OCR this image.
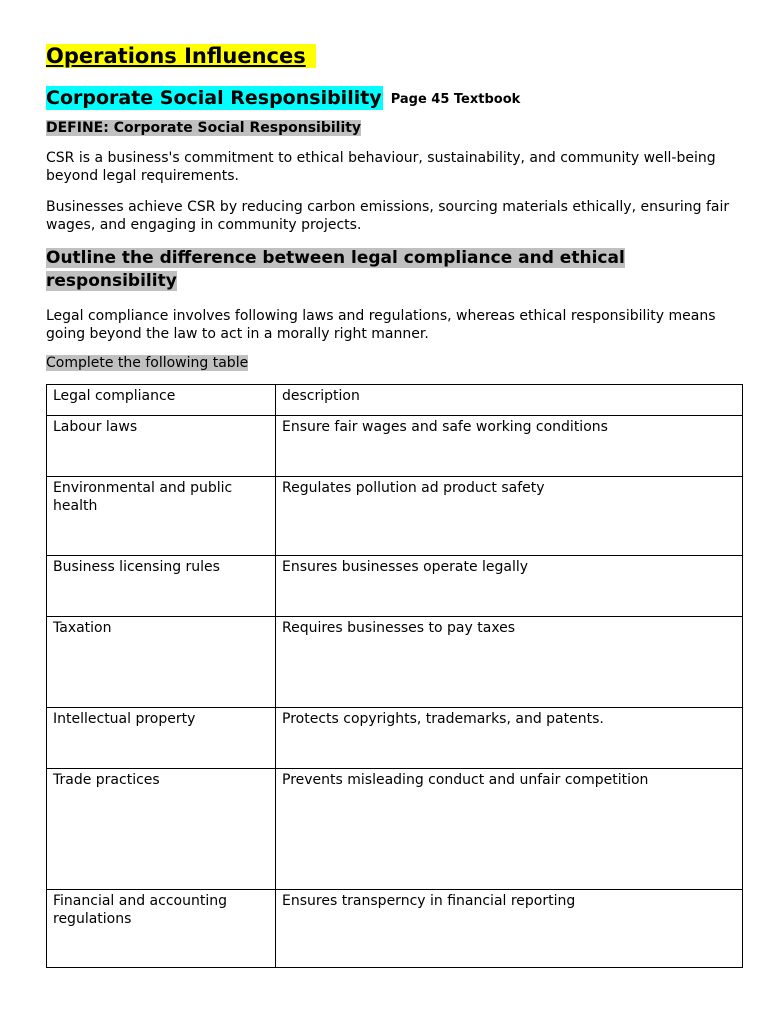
Operations Influences
Corporate Social Responsibility Page 45 Textbook
DEFINE: Corporate Social Responsibility

CSR is a business's commitment to ethical behaviour, sustainability, and community well-being beyond legal requirements.

Businesses achieve CSR by reducing carbon emissions, sourcing materials ethically, ensuring fair wages, and engaging in community projects.

Outline the difference between legal compliance and ethical responsibility

Legal compliance involves following laws and regulations, whereas ethical responsibility means going beyond the law to act in a morally right manner.

Complete the following table
Legal compliance	description
Labour laws	Ensure fair wages and safe working conditions
Environmental and public health	Regulates pollution ad product safety
Business licensing rules	Ensures businesses operate legally
Taxation	Requires businesses to pay taxes
Intellectual property	Protects copyrights, trademarks, and patents.
Trade practices	Prevents misleading conduct and unfair competition
Financial and accounting regulations	Ensures transperncy in financial reporting
